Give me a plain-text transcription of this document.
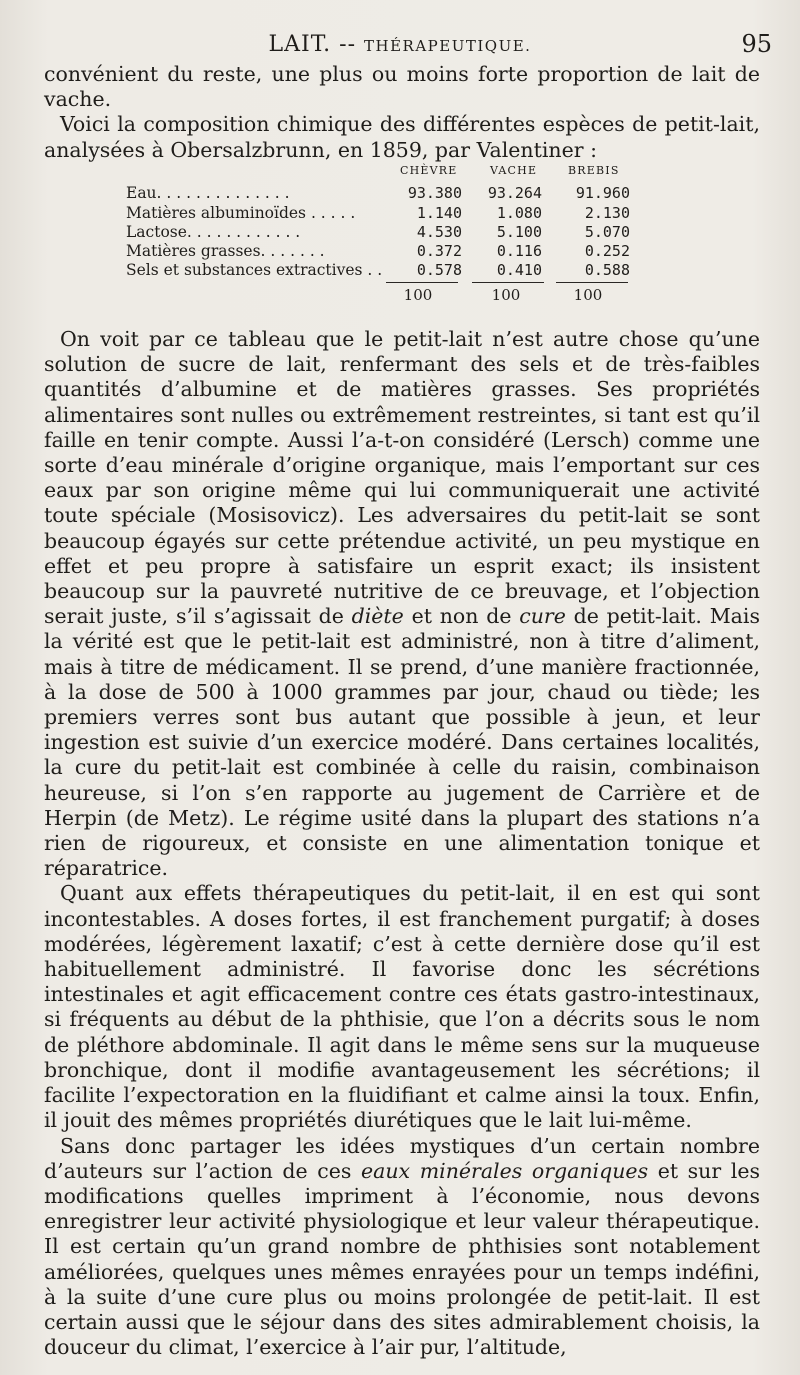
LAIT. -- THÉRAPEUTIQUE.	95

convénient du reste, une plus ou moins forte proportion de lait de vache.

Voici la composition chimique des différentes espèces de petit-lait, analysées à Obersalzbrunn, en 1859, par Valentiner :

CHÈVRE	VACHE	BREBIS
Eau. . . . . . . . . . . . . .	93.380	93.264	91.960
Matières albuminoïdes . . . . .	1.140	1.080	2.130
Lactose. . . . . . . . . . . .	4.530	5.100	5.070
Matières grasses. . . . . . .	0.372	0.116	0.252
Sels et substances extractives . .	0.578	0.410	0.588
100	100	100

On voit par ce tableau que le petit-lait n’est autre chose qu’une solution de sucre de lait, renfermant des sels et de très-faibles quantités d’albumine et de matières grasses. Ses propriétés alimentaires sont nulles ou extrêmement restreintes, si tant est qu’il faille en tenir compte. Aussi l’a-t-on considéré (Lersch) comme une sorte d’eau minérale d’origine organique, mais l’emportant sur ces eaux par son origine même qui lui communiquerait une activité toute spéciale (Mosisovicz). Les adversaires du petit-lait se sont beaucoup égayés sur cette prétendue activité, un peu mystique en effet et peu propre à satisfaire un esprit exact; ils insistent beaucoup sur la pauvreté nutritive de ce breuvage, et l’objection serait juste, s’il s’agissait de diète et non de cure de petit-lait. Mais la vérité est que le petit-lait est administré, non à titre d’aliment, mais à titre de médicament. Il se prend, d’une manière fractionnée, à la dose de 500 à 1000 grammes par jour, chaud ou tiède; les premiers verres sont bus autant que possible à jeun, et leur ingestion est suivie d’un exercice modéré. Dans certaines localités, la cure du petit-lait est combinée à celle du raisin, combinaison heureuse, si l’on s’en rapporte au jugement de Carrière et de Herpin (de Metz). Le régime usité dans la plupart des stations n’a rien de rigoureux, et consiste en une alimentation tonique et réparatrice.

Quant aux effets thérapeutiques du petit-lait, il en est qui sont incontestables. A doses fortes, il est franchement purgatif; à doses modérées, légèrement laxatif; c’est à cette dernière dose qu’il est habituellement administré. Il favorise donc les sécrétions intestinales et agit efficacement contre ces états gastro-intestinaux, si fréquents au début de la phthisie, que l’on a décrits sous le nom de pléthore abdominale. Il agit dans le même sens sur la muqueuse bronchique, dont il modifie avantageusement les sécrétions; il facilite l’expectoration en la fluidifiant et calme ainsi la toux. Enfin, il jouit des mêmes propriétés diurétiques que le lait lui-même.

Sans donc partager les idées mystiques d’un certain nombre d’auteurs sur l’action de ces eaux minérales organiques et sur les modifications quelles impriment à l’économie, nous devons enregistrer leur activité physiologique et leur valeur thérapeutique. Il est certain qu’un grand nombre de phthisies sont notablement améliorées, quelques unes mêmes enrayées pour un temps indéfini, à la suite d’une cure plus ou moins prolongée de petit-lait. Il est certain aussi que le séjour dans des sites admirablement choisis, la douceur du climat, l’exercice à l’air pur, l’altitude,
